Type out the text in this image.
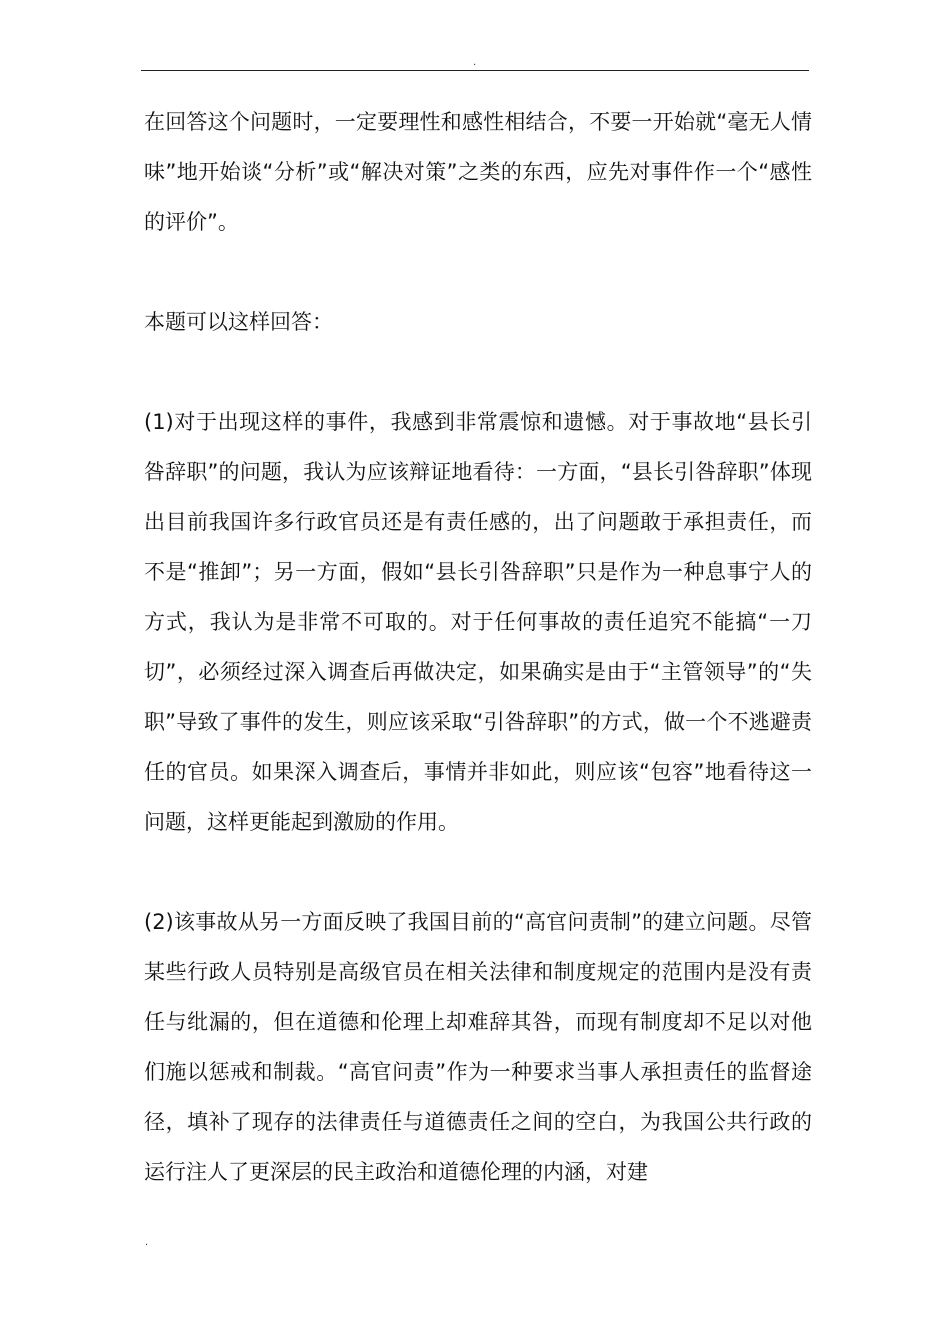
.

在回答这个问题时，一定要理性和感性相结合，不要一开始就“毫无人情味”地开始谈“分析”或“解决对策”之类的东西，应先对事件作一个“感性的评价”。

本题可以这样回答：

(1)对于出现这样的事件，我感到非常震惊和遗憾。对于事故地“县长引咎辞职”的问题，我认为应该辩证地看待：一方面，“县长引咎辞职”体现出目前我国许多行政官员还是有责任感的，出了问题敢于承担责任，而不是“推卸”；另一方面，假如“县长引咎辞职”只是作为一种息事宁人的方式，我认为是非常不可取的。对于任何事故的责任追究不能搞“一刀切”，必须经过深入调查后再做决定，如果确实是由于“主管领导”的“失职”导致了事件的发生，则应该采取“引咎辞职”的方式，做一个不逃避责任的官员。如果深入调查后，事情并非如此，则应该“包容”地看待这一问题，这样更能起到激励的作用。

(2)该事故从另一方面反映了我国目前的“高官问责制”的建立问题。尽管某些行政人员特别是高级官员在相关法律和制度规定的范围内是没有责任与纰漏的，但在道德和伦理上却难辞其咎，而现有制度却不足以对他们施以惩戒和制裁。“高官问责”作为一种要求当事人承担责任的监督途径，填补了现存的法律责任与道德责任之间的空白，为我国公共行政的运行注人了更深层的民主政治和道德伦理的内涵，对建

.
